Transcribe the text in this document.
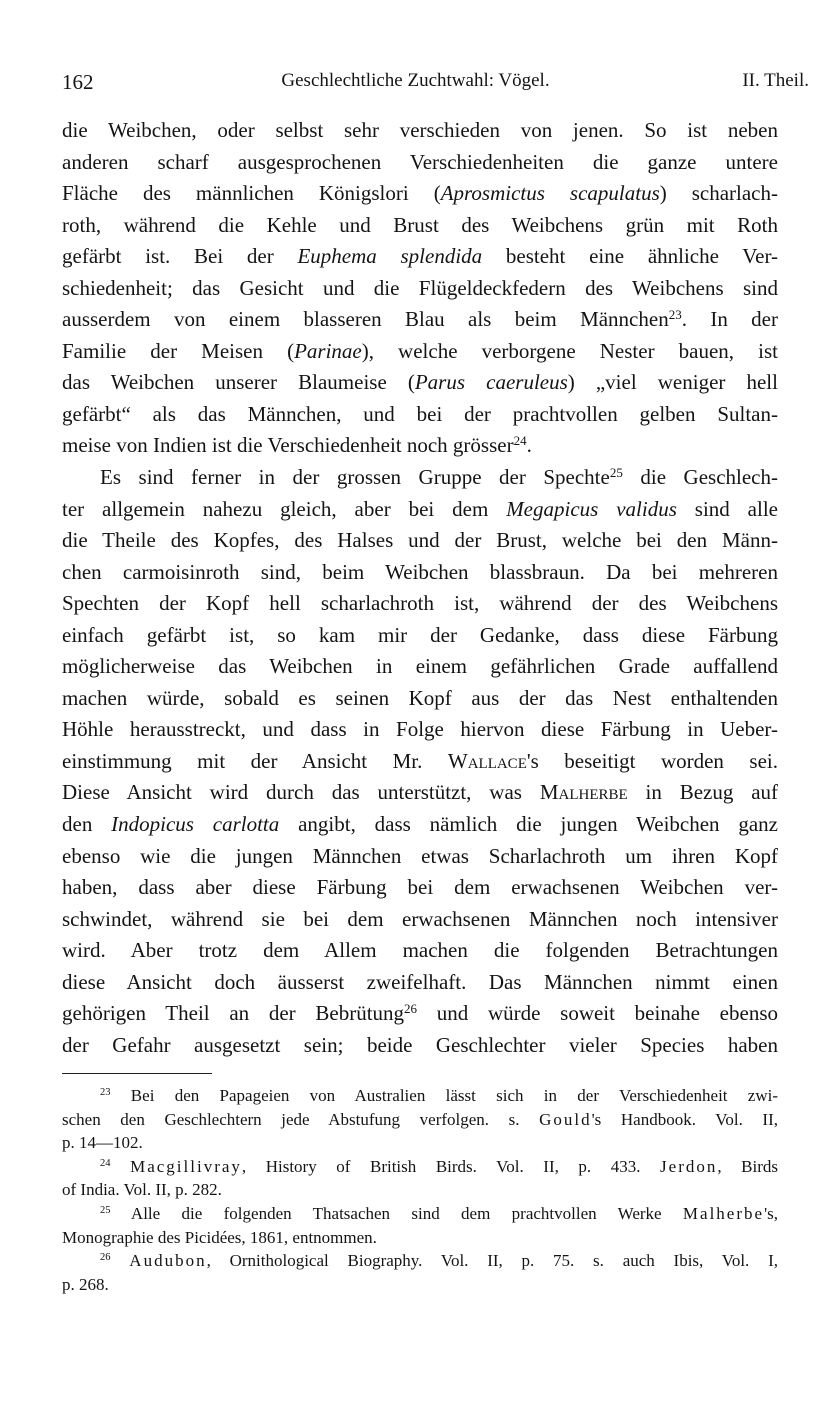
162	Geschlechtliche Zuchtwahl: Vögel.	II. Theil.
die Weibchen, oder selbst sehr verschieden von jenen. So ist neben
anderen scharf ausgesprochenen Verschiedenheiten die ganze untere
Fläche des männlichen Königslori (Aprosmictus scapulatus) scharlach-
roth, während die Kehle und Brust des Weibchens grün mit Roth
gefärbt ist. Bei der Euphema splendida besteht eine ähnliche Ver-
schiedenheit; das Gesicht und die Flügeldeckfedern des Weibchens sind
ausserdem von einem blasseren Blau als beim Männchen$^{23}$. In der
Familie der Meisen (Parinae), welche verborgene Nester bauen, ist
das Weibchen unserer Blaumeise (Parus caeruleus) „viel weniger hell
gefärbt“ als das Männchen, und bei der prachtvollen gelben Sultan-
meise von Indien ist die Verschiedenheit noch grösser$^{24}$.
Es sind ferner in der grossen Gruppe der Spechte$^{25}$ die Geschlech-
ter allgemein nahezu gleich, aber bei dem Megapicus validus sind alle
die Theile des Kopfes, des Halses und der Brust, welche bei den Männ-
chen carmoisinroth sind, beim Weibchen blassbraun. Da bei mehreren
Spechten der Kopf hell scharlachroth ist, während der des Weibchens
einfach gefärbt ist, so kam mir der Gedanke, dass diese Färbung
möglicherweise das Weibchen in einem gefährlichen Grade auffallend
machen würde, sobald es seinen Kopf aus der das Nest enthaltenden
Höhle herausstreckt, und dass in Folge hiervon diese Färbung in Ueber-
einstimmung mit der Ansicht Mr. Wallace's beseitigt worden sei.
Diese Ansicht wird durch das unterstützt, was Malherbe in Bezug auf
den Indopicus carlotta angibt, dass nämlich die jungen Weibchen ganz
ebenso wie die jungen Männchen etwas Scharlachroth um ihren Kopf
haben, dass aber diese Färbung bei dem erwachsenen Weibchen ver-
schwindet, während sie bei dem erwachsenen Männchen noch intensiver
wird. Aber trotz dem Allem machen die folgenden Betrachtungen
diese Ansicht doch äusserst zweifelhaft. Das Männchen nimmt einen
gehörigen Theil an der Bebrütung$^{26}$ und würde soweit beinahe ebenso
der Gefahr ausgesetzt sein; beide Geschlechter vieler Species haben
$^{23}$ Bei den Papageien von Australien lässt sich in der Verschiedenheit zwi-
schen den Geschlechtern jede Abstufung verfolgen. s. Gould's Handbook. Vol. II,
p. 14—102.
$^{24}$ Macgillivray, History of British Birds. Vol. II, p. 433. Jerdon, Birds
of India. Vol. II, p. 282.
$^{25}$ Alle die folgenden Thatsachen sind dem prachtvollen Werke Malherbe's,
Monographie des Picidées, 1861, entnommen.
$^{26}$ Audubon, Ornithological Biography. Vol. II, p. 75. s. auch Ibis, Vol. I,
p. 268.
